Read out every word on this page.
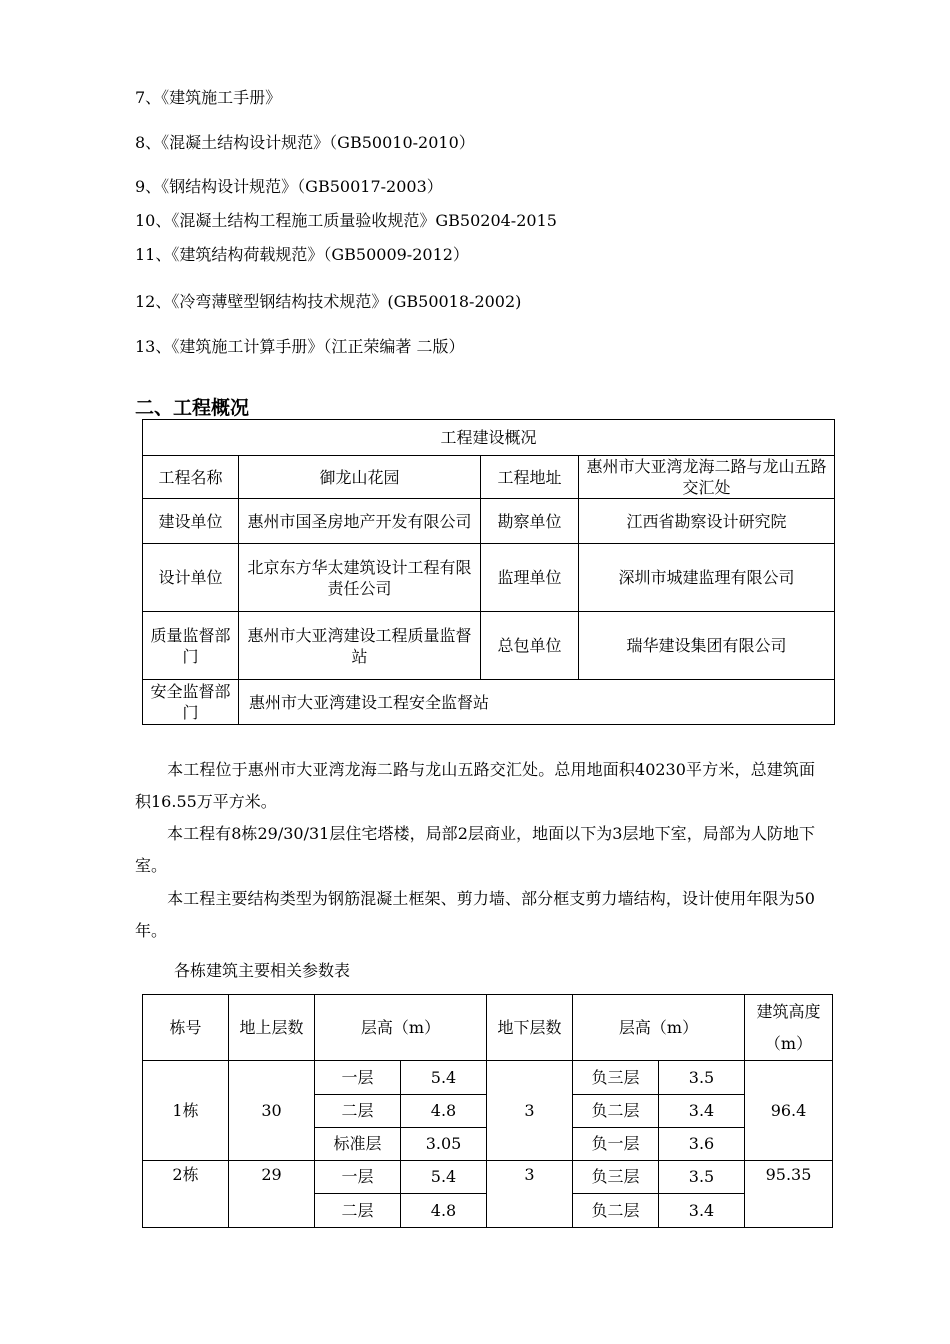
7、《建筑施工手册》
8、《混凝土结构设计规范》（GB50010-2010）
9、《钢结构设计规范》（GB50017-2003）
10、《混凝土结构工程施工质量验收规范》GB50204-2015
11、《建筑结构荷载规范》（GB50009-2012）
12、《冷弯薄壁型钢结构技术规范》(GB50018-2002)
13、《建筑施工计算手册》（江正荣编著 二版）
二、工程概况
工程建设概况			
工程名称	御龙山花园	工程地址	惠州市大亚湾龙海二路与龙山五路交汇处
建设单位	惠州市国圣房地产开发有限公司	勘察单位	江西省勘察设计研究院
设计单位	北京东方华太建筑设计工程有限责任公司	监理单位	深圳市城建监理有限公司
质量监督部门	惠州市大亚湾建设工程质量监督站	总包单位	瑞华建设集团有限公司
安全监督部门	惠州市大亚湾建设工程安全监督站		
本工程位于惠州市大亚湾龙海二路与龙山五路交汇处。总用地面积40230平方米，总建筑面积16.55万平方米。
本工程有8栋29/30/31层住宅塔楼，局部2层商业，地面以下为3层地下室，局部为人防地下室。
本工程主要结构类型为钢筋混凝土框架、剪力墙、部分框支剪力墙结构，设计使用年限为50年。
各栋建筑主要相关参数表
栋号	地上层数	层高（m）		地下层数	层高（m）		建筑高度（m）
1栋	30	一层	5.4	3	负三层	3.5	96.4
		二层	4.8		负二层	3.4	
		标准层	3.05		负一层	3.6	
2栋	29	一层	5.4	3	负三层	3.5	95.35
		二层	4.8		负二层	3.4	
